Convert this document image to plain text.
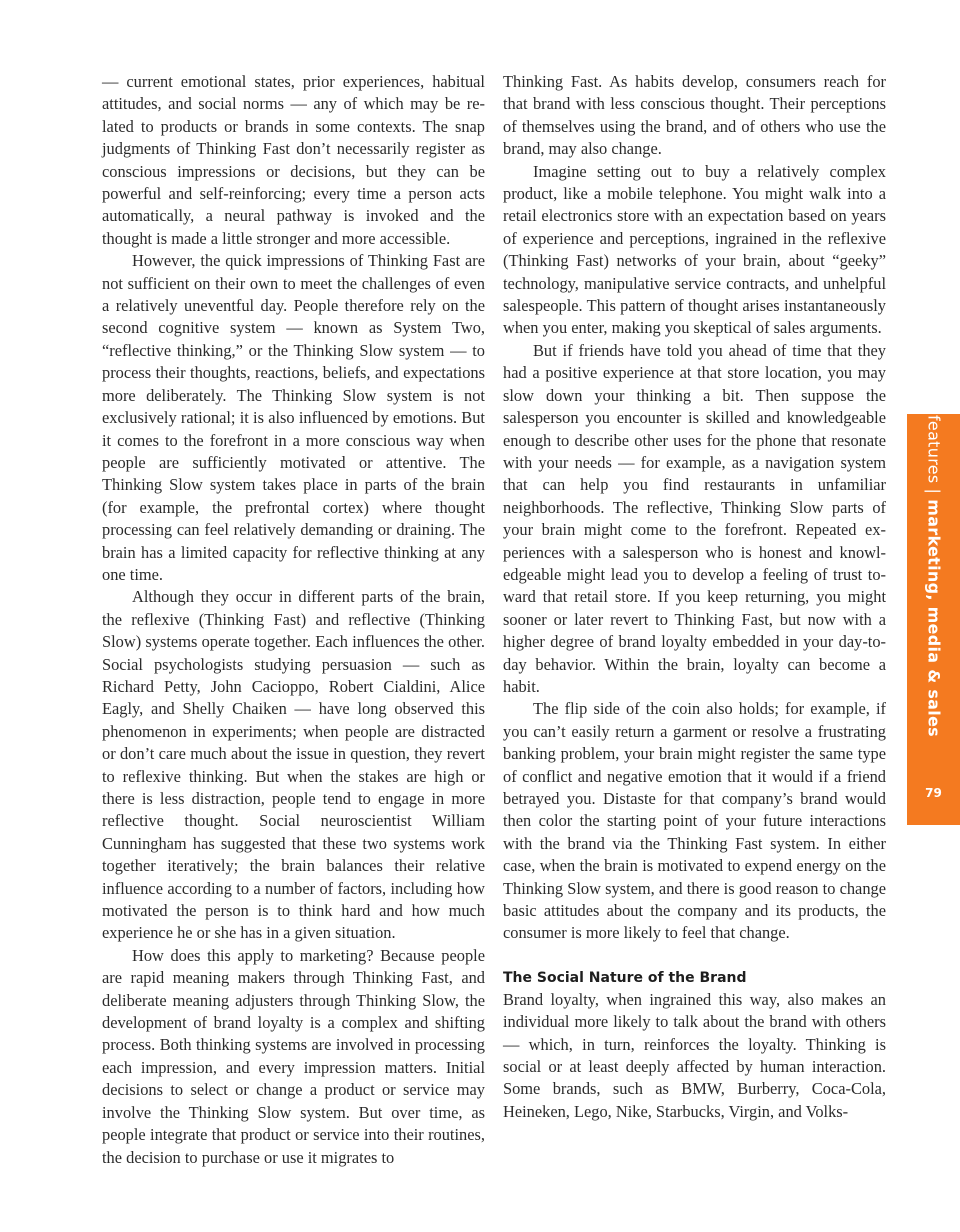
— current emotional states, prior experiences, habitual attitudes, and social norms — any of which may be related to products or brands in some contexts. The snap judgments of Thinking Fast don’t necessarily register as conscious impressions or decisions, but they can be powerful and self-reinforcing; every time a person acts automatically, a neural pathway is invoked and the thought is made a little stronger and more accessible.

However, the quick impressions of Thinking Fast are not sufficient on their own to meet the challenges of even a relatively uneventful day. People therefore rely on the second cognitive system — known as System Two, “reflective thinking,” or the Thinking Slow system — to process their thoughts, reactions, beliefs, and expectations more deliberately. The Thinking Slow system is not exclusively rational; it is also influenced by emotions. But it comes to the forefront in a more conscious way when people are sufficiently motivated or attentive. The Thinking Slow system takes place in parts of the brain (for example, the prefrontal cortex) where thought processing can feel relatively demanding or draining. The brain has a limited capacity for reflective thinking at any one time.

Although they occur in different parts of the brain, the reflexive (Thinking Fast) and reflective (Thinking Slow) systems operate together. Each influences the other. Social psychologists studying persuasion — such as Richard Petty, John Cacioppo, Robert Cialdini, Alice Eagly, and Shelly Chaiken — have long observed this phenomenon in experiments; when people are distracted or don’t care much about the issue in question, they revert to reflexive thinking. But when the stakes are high or there is less distraction, people tend to engage in more reflective thought. Social neuroscientist William Cunningham has suggested that these two systems work together iteratively; the brain balances their relative influence according to a number of factors, including how motivated the person is to think hard and how much experience he or she has in a given situation.

How does this apply to marketing? Because people are rapid meaning makers through Thinking Fast, and deliberate meaning adjusters through Thinking Slow, the development of brand loyalty is a complex and shifting process. Both thinking systems are involved in processing each impression, and every impression matters. Initial decisions to select or change a product or service may involve the Thinking Slow system. But over time, as people integrate that product or service into their routines, the decision to purchase or use it migrates to

Thinking Fast. As habits develop, consumers reach for that brand with less conscious thought. Their perceptions of themselves using the brand, and of others who use the brand, may also change.

Imagine setting out to buy a relatively complex product, like a mobile telephone. You might walk into a retail electronics store with an expectation based on years of experience and perceptions, ingrained in the reflexive (Thinking Fast) networks of your brain, about “geeky” technology, manipulative service contracts, and unhelpful salespeople. This pattern of thought arises instantaneously when you enter, making you skeptical of sales arguments.

But if friends have told you ahead of time that they had a positive experience at that store location, you may slow down your thinking a bit. Then suppose the salesperson you encounter is skilled and knowledgeable enough to describe other uses for the phone that resonate with your needs — for example, as a navigation system that can help you find restaurants in unfamiliar neighborhoods. The reflective, Thinking Slow parts of your brain might come to the forefront. Repeated experiences with a salesperson who is honest and knowledgeable might lead you to develop a feeling of trust toward that retail store. If you keep returning, you might sooner or later revert to Thinking Fast, but now with a higher degree of brand loyalty embedded in your day-to-day behavior. Within the brain, loyalty can become a habit.

The flip side of the coin also holds; for example, if you can’t easily return a garment or resolve a frustrating banking problem, your brain might register the same type of conflict and negative emotion that it would if a friend betrayed you. Distaste for that company’s brand would then color the starting point of your future interactions with the brand via the Thinking Fast system. In either case, when the brain is motivated to expend energy on the Thinking Slow system, and there is good reason to change basic attitudes about the company and its products, the consumer is more likely to feel that change.

The Social Nature of the Brand

Brand loyalty, when ingrained this way, also makes an individual more likely to talk about the brand with others — which, in turn, reinforces the loyalty. Thinking is social or at least deeply affected by human interaction. Some brands, such as BMW, Burberry, Coca-Cola, Heineken, Lego, Nike, Starbucks, Virgin, and Volks-

features|marketing, media & sales
79
